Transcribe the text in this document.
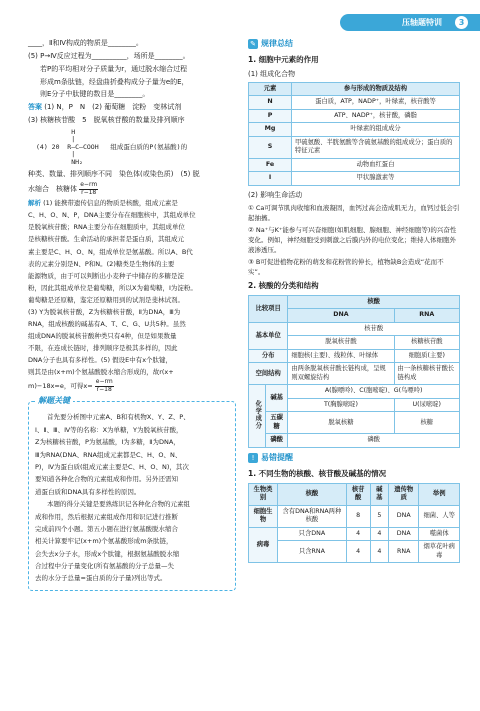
压轴题特训	3

____，Ⅱ和Ⅳ构成的物质是________。

(5) P→Ⅳ反应过程为__________，场所是________。

若P的平均相对分子质量为r，通过脱水缩合过程

形成m条肽链，经盘曲折叠构成分子量为e的E，

则E分子中肽键的数目是________。

答案 (1) N，P　N　(2) 葡萄糖　淀粉　变林试剂

(3) 核糖核苷酸　5　脱氧核苷酸的数量及排列顺序

H
|
(4) 20  R—C—COOH   组成蛋白质的P(氨基酸)的
|
NH₂

种类、数量、排列顺序不同　染色体(或染色质)　(5) 脱

水缩合　核糖体 $\frac{e-rm}{r-18}$

解析 (1) 能携带遗传信息的物质是核酸，组成元素是

C、H、O、N、P，DNA主要分布在细胞核中，其组成单位

是脱氧核苷酸；RNA主要分布在细胞质中，其组成单位

是核糖核苷酸。生命活动的承担者是蛋白质，其组成元

素主要是C、H、O、N，组成单位是氨基酸。所以A、B代

表的元素分别是N、P和N。(2)糖类是生物体的主要

能源物质，由于可以判断出小麦种子中储存的多糖是淀

粉，因此其组成单位是葡萄糖，所以X为葡萄糖，Ⅰ为淀粉。

葡萄糖是还原糖，鉴定还原糖用到的试剂是斐林试剂。

(3) Y为脱氧核苷酸，Z为核糖核苷酸，Ⅱ为DNA，Ⅲ为

RNA，组成核酸的碱基有A、T、C、G、U共5种。虽然

组成DNA的脱氧核苷酸种类只有4种，但是如果数量

不限，在连成长链时，排列顺序是极其多样的，因此

DNA分子也具有多样性。(5) 假设E中有x个肽键，

则其是由(x+m)个氨基酸脱水缩合形成的，故r(x+

m)−18x=e，可得$x= \frac{e-rm}{r-18}$

解题关键

首先要分析图中元素A、B和有机物X、Y、Z、P、

Ⅰ、Ⅱ、Ⅲ、Ⅳ等的名称：X为单糖，Y为脱氧核苷酸，

Z为核糖核苷酸，P为氨基酸，Ⅰ为多糖，Ⅱ为DNA，

Ⅲ为RNA(DNA、RNA组成元素都是C、H、O、N、

P)，Ⅳ为蛋白质(组成元素主要是C、H、O、N)，其次

要知道各种化合物的元素组成和作用。另外还需知

道蛋白质和DNA具有多样性的原因。

本题的得分关键是要熟练识记各种化合物的元素组

成和作用，然后根据元素组成作用和识记进行推断

完成前四个小题。第五小题在进行氨基酸脱水缩合

相关计算要牢记(x+m)个氨基酸形成m条肽链，

会失去x分子水，形成x个肽键，根据氨基酸脱水缩

合过程中分子量变化(所有氨基酸的分子总量—失

去的水分子总量=蛋白质的分子量)列出等式。

✎ 规律总结
1. 细胞中元素的作用

(1) 组成化合物

元素	参与形成的物质及结构
N	蛋白质，ATP，NADP⁺，叶绿素，核苷酸等
P	ATP、NADP⁺，核苷酸，磷脂
Mg	叶绿素的组成成分
S	甲硫氨酸、半胱氨酸等含硫氨基酸的组成成分；蛋白质的特征元素
Fe	动物血红蛋白
I	甲状腺激素等

(2) 影响生命活动

① Ca可调节肌肉收缩和血液凝固，血钙过高会造成肌无力，血钙过低会引起抽搐。

② Na⁺与K⁺能参与可兴奋细胞(如肌细胞、腺细胞、神经细胞等)的兴奋性变化。例如，神经细胞受到刺激之后膜内外的电位变化；维持人体细胞外液渗透压。

③ B可促进植物花粉的萌发和花粉管的伸长，植物缺B会造成“花而不实”。

2. 核酸的分类和结构
比较项目		核酸	
		DNA	RNA
基本单位		核苷酸	
		脱氧核苷酸	核糖核苷酸
分布		细胞核(主要)、线粒体、叶绿体	细胞质(主要)
空间结构		由两条脱氧核苷酸长链构成，呈规则双螺旋结构	由一条核糖核苷酸长链构成
化学成分	碱基	A(腺嘌呤)、C(胞嘧啶)、G(鸟嘌呤)	
		T(胸腺嘧啶)	U(尿嘧啶)
	五碳糖	脱氧核糖	核糖
	磷酸	磷酸	
! 易错提醒
1. 不同生物的核酸、核苷酸及碱基的情况
生物类别	核酸	核苷酸	碱基	遗传物质	举例
细胞生物	含有DNA和RNA两种核酸	8	5	DNA	细菌、人等
病毒	只含DNA	4	4	DNA	噬菌体
	只含RNA	4	4	RNA	烟草花叶病毒
